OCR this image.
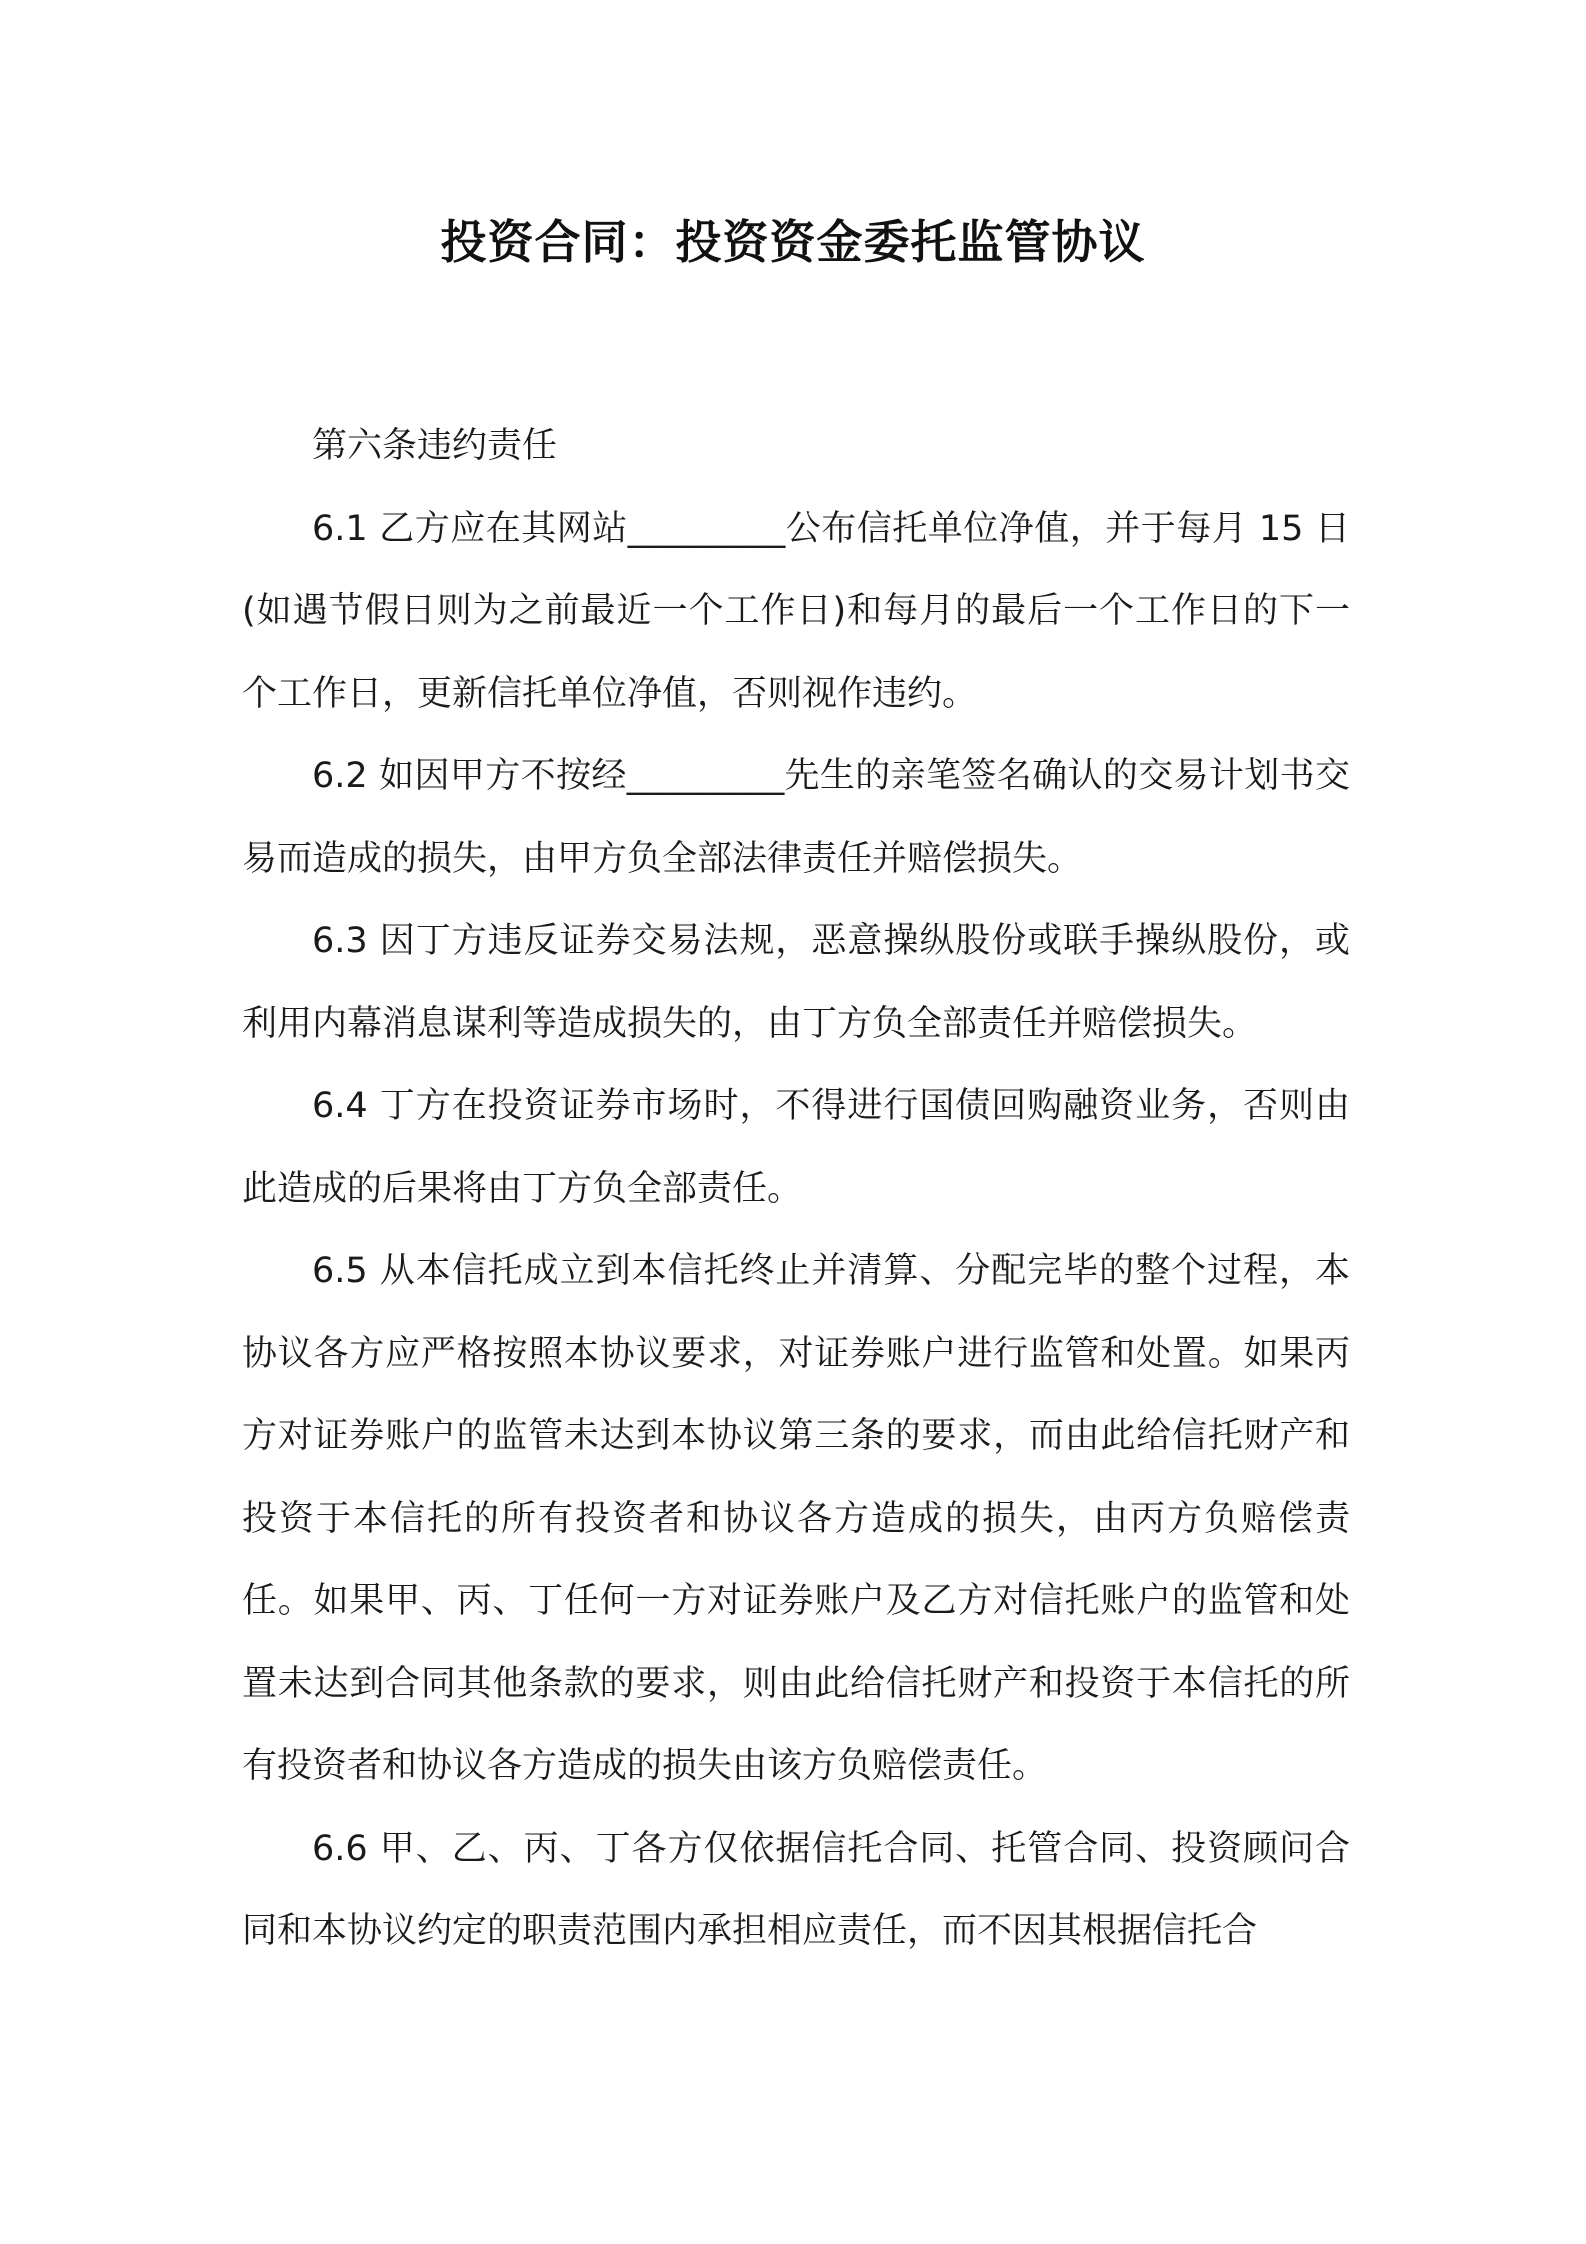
投资合同：投资资金委托监管协议

第六条违约责任

6.1 乙方应在其网站_________公布信托单位净值，并于每月 15 日(如遇节假日则为之前最近一个工作日)和每月的最后一个工作日的下一个工作日，更新信托单位净值，否则视作违约。

6.2 如因甲方不按经_________先生的亲笔签名确认的交易计划书交易而造成的损失，由甲方负全部法律责任并赔偿损失。

6.3 因丁方违反证券交易法规，恶意操纵股份或联手操纵股份，或利用内幕消息谋利等造成损失的，由丁方负全部责任并赔偿损失。

6.4 丁方在投资证券市场时，不得进行国债回购融资业务，否则由此造成的后果将由丁方负全部责任。

6.5 从本信托成立到本信托终止并清算、分配完毕的整个过程，本协议各方应严格按照本协议要求，对证券账户进行监管和处置。如果丙方对证券账户的监管未达到本协议第三条的要求，而由此给信托财产和投资于本信托的所有投资者和协议各方造成的损失，由丙方负赔偿责任。如果甲、丙、丁任何一方对证券账户及乙方对信托账户的监管和处置未达到合同其他条款的要求，则由此给信托财产和投资于本信托的所有投资者和协议各方造成的损失由该方负赔偿责任。

6.6 甲、乙、丙、丁各方仅依据信托合同、托管合同、投资顾问合同和本协议约定的职责范围内承担相应责任，而不因其根据信托合
